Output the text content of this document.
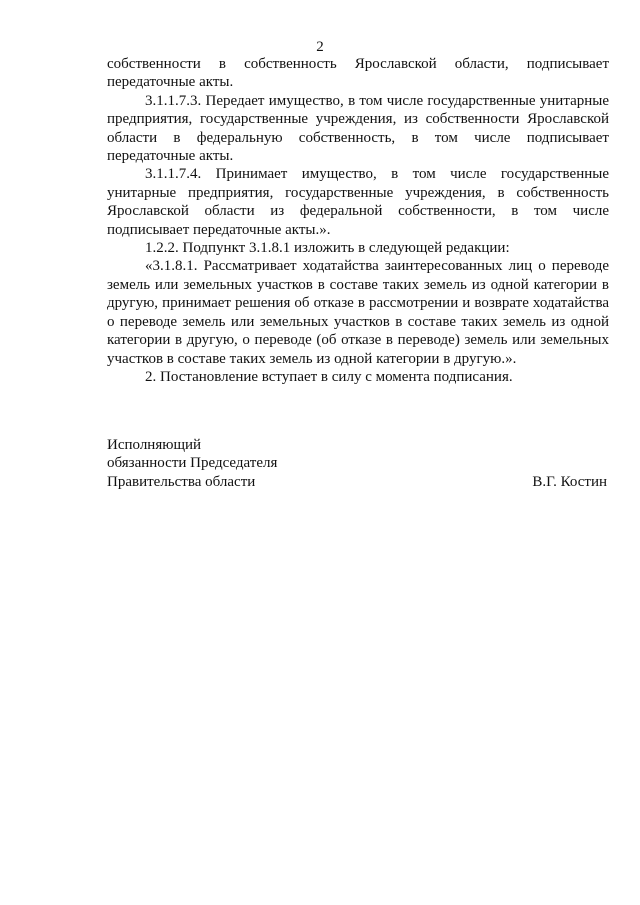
2

собственности в собственность Ярославской области, подписывает передаточные акты.

3.1.1.7.3. Передает имущество, в том числе государственные унитарные предприятия, государственные учреждения, из собственности Ярославской области в федеральную собственность, в том числе подписывает передаточные акты.

3.1.1.7.4. Принимает имущество, в том числе государственные унитарные предприятия, государственные учреждения, в собственность Ярославской области из федеральной собственности, в том числе подписывает передаточные акты.».

1.2.2. Подпункт 3.1.8.1 изложить в следующей редакции:

«3.1.8.1. Рассматривает ходатайства заинтересованных лиц о переводе земель или земельных участков в составе таких земель из одной категории в другую, принимает решения об отказе в рассмотрении и возврате ходатайства о переводе земель или земельных участков в составе таких земель из одной категории в другую, о переводе (об отказе в переводе) земель или земельных участков в составе таких земель из одной категории в другую.».

2. Постановление вступает в силу с момента подписания.

Исполняющий
обязанности Председателя
Правительства области	В.Г. Костин
